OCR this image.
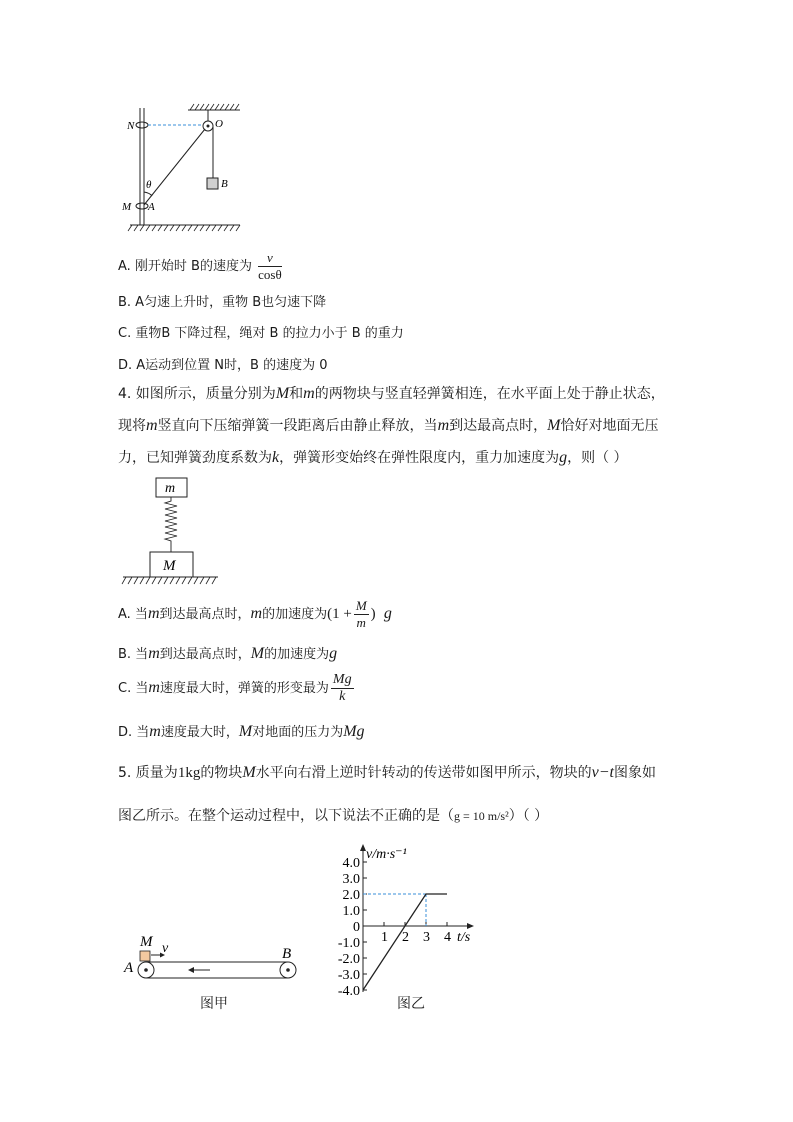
N	O
M A
B
θ
A. 刚开始时 B的速度为 $\frac{v}{\cos\theta}$
B. A匀速上升时，重物 B也匀速下降
C. 重物B 下降过程，绳对 B 的拉力小于 B 的重力
D. A运动到位置 N时，B 的速度为 0
4. 如图所示，质量分别为M和m的两物块与竖直轻弹簧相连，在水平面上处于静止状态，
现将m竖直向下压缩弹簧一段距离后由静止释放，当m到达最高点时，M恰好对地面无压
力，已知弹簧劲度系数为k，弹簧形变始终在弹性限度内，重力加速度为g，则（ ）
m
M
A. 当m到达最高点时，m的加速度为($1 + \frac{M}{m}$ ) g
B. 当m到达最高点时，M的加速度为g
C. 当m速度最大时，弹簧的形变最为 $\frac{Mg}{k}$
D. 当m速度最大时，M对地面的压力为Mg
5. 质量为1kg的物块M水平向右滑上逆时针转动的传送带如图甲所示，物块的v−t图象如
图乙所示。在整个运动过程中，以下说法不正确的是（g = 10 m/s²）（ ）
M v
A
B
图甲
4.0
3.0
2.0
1.0
0
-1.0
-2.0
-3.0
-4.0
1 2 3 4
v/m·s⁻¹
t/s
图乙
